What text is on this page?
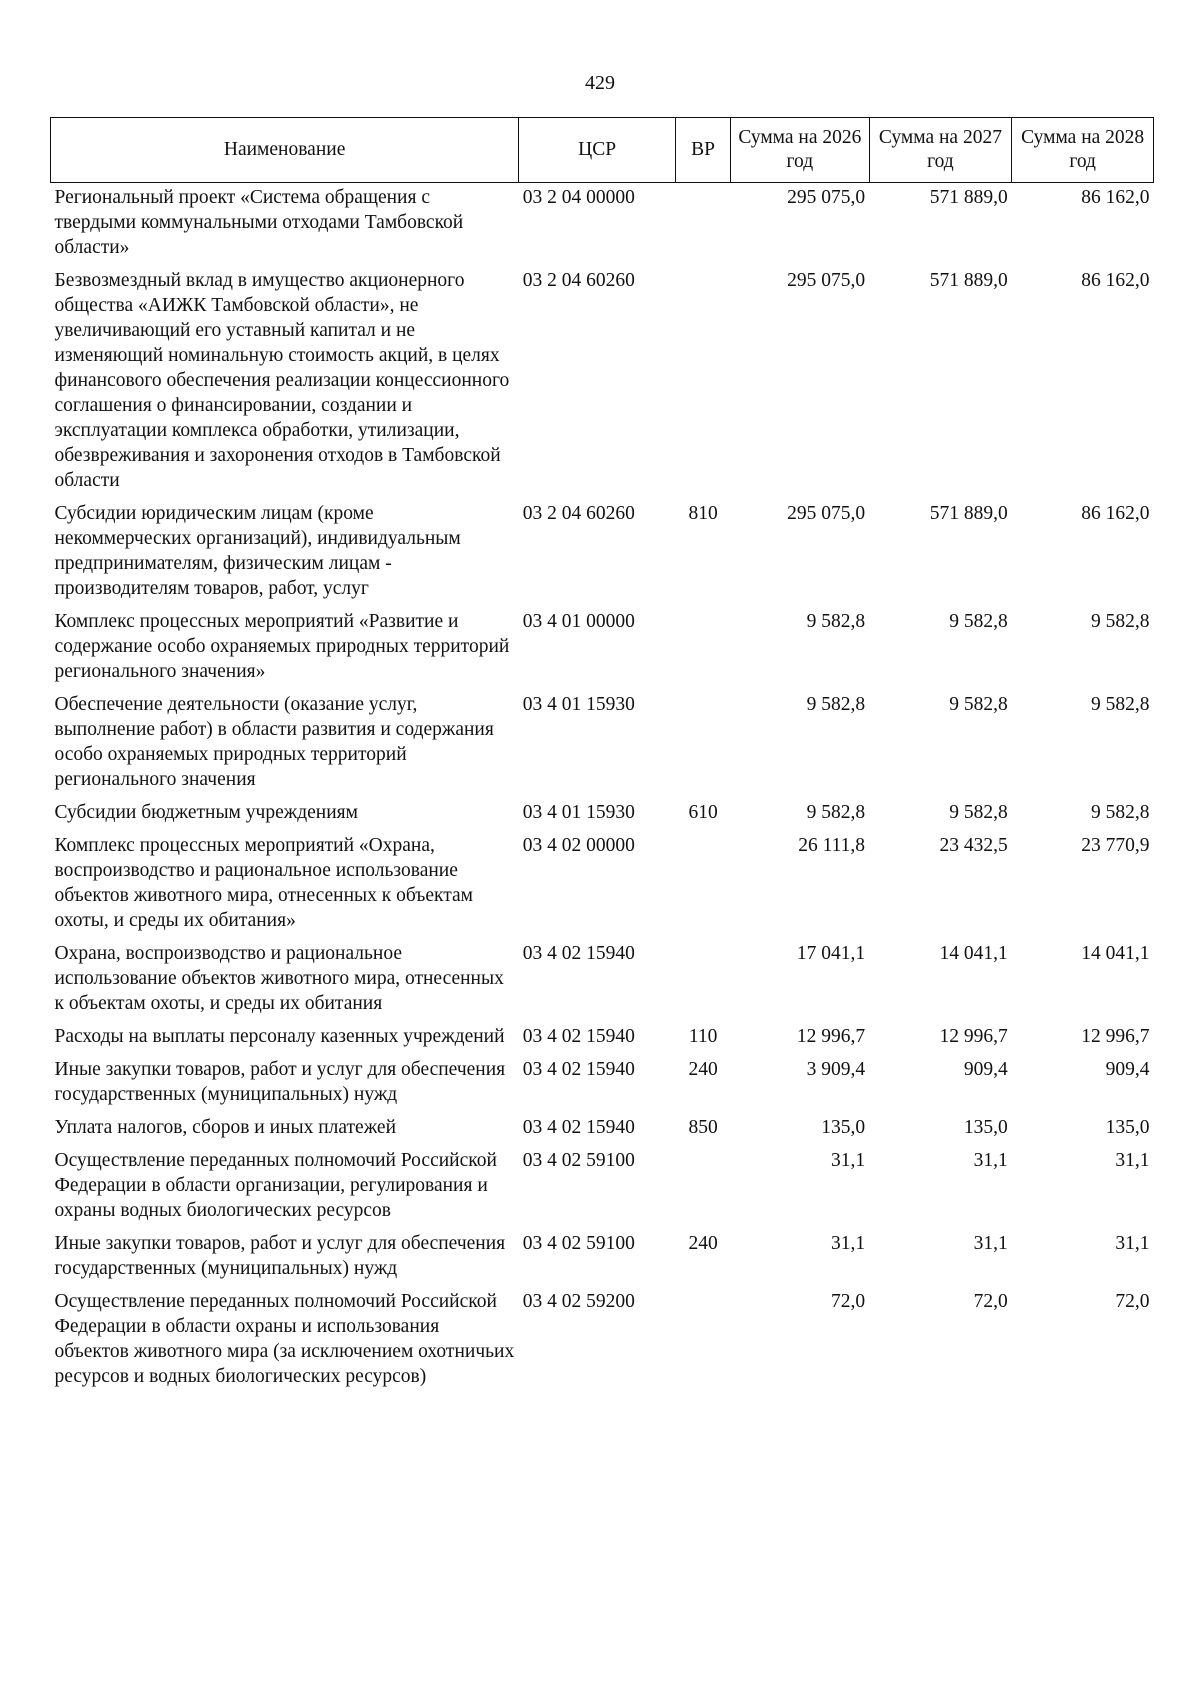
429
Наименование	ЦСР	ВР	Сумма на 2026 год	Сумма на 2027 год	Сумма на 2028 год
Региональный проект «Система обращения с твердыми коммунальными отходами Тамбовской области»	03 2 04 00000		295 075,0	571 889,0	86 162,0
Безвозмездный вклад в имущество акционерного общества «АИЖК Тамбовской области», не увеличивающий его уставный капитал и не изменяющий номинальную стоимость акций, в целях финансового обеспечения реализации концессионного соглашения о финансировании, создании и эксплуатации комплекса обработки, утилизации, обезвреживания и захоронения отходов в Тамбовской области	03 2 04 60260		295 075,0	571 889,0	86 162,0
Субсидии юридическим лицам (кроме некоммерческих организаций), индивидуальным предпринимателям, физическим лицам - производителям товаров, работ, услуг	03 2 04 60260	810	295 075,0	571 889,0	86 162,0
Комплекс процессных мероприятий «Развитие и содержание особо охраняемых природных территорий регионального значения»	03 4 01 00000		9 582,8	9 582,8	9 582,8
Обеспечение деятельности (оказание услуг, выполнение работ) в области развития и содержания особо охраняемых природных территорий регионального значения	03 4 01 15930		9 582,8	9 582,8	9 582,8
Субсидии бюджетным учреждениям	03 4 01 15930	610	9 582,8	9 582,8	9 582,8
Комплекс процессных мероприятий «Охрана, воспроизводство и рациональное использование объектов животного мира, отнесенных к объектам охоты, и среды их обитания»	03 4 02 00000		26 111,8	23 432,5	23 770,9
Охрана, воспроизводство и рациональное использование объектов животного мира, отнесенных к объектам охоты, и среды их обитания	03 4 02 15940		17 041,1	14 041,1	14 041,1
Расходы на выплаты персоналу казенных учреждений	03 4 02 15940	110	12 996,7	12 996,7	12 996,7
Иные закупки товаров, работ и услуг для обеспечения государственных (муниципальных) нужд	03 4 02 15940	240	3 909,4	909,4	909,4
Уплата налогов, сборов и иных платежей	03 4 02 15940	850	135,0	135,0	135,0
Осуществление переданных полномочий Российской Федерации в области организации, регулирования и охраны водных биологических ресурсов	03 4 02 59100		31,1	31,1	31,1
Иные закупки товаров, работ и услуг для обеспечения государственных (муниципальных) нужд	03 4 02 59100	240	31,1	31,1	31,1
Осуществление переданных полномочий Российской Федерации в области охраны и использования объектов животного мира (за исключением охотничьих ресурсов и водных биологических ресурсов)	03 4 02 59200		72,0	72,0	72,0
